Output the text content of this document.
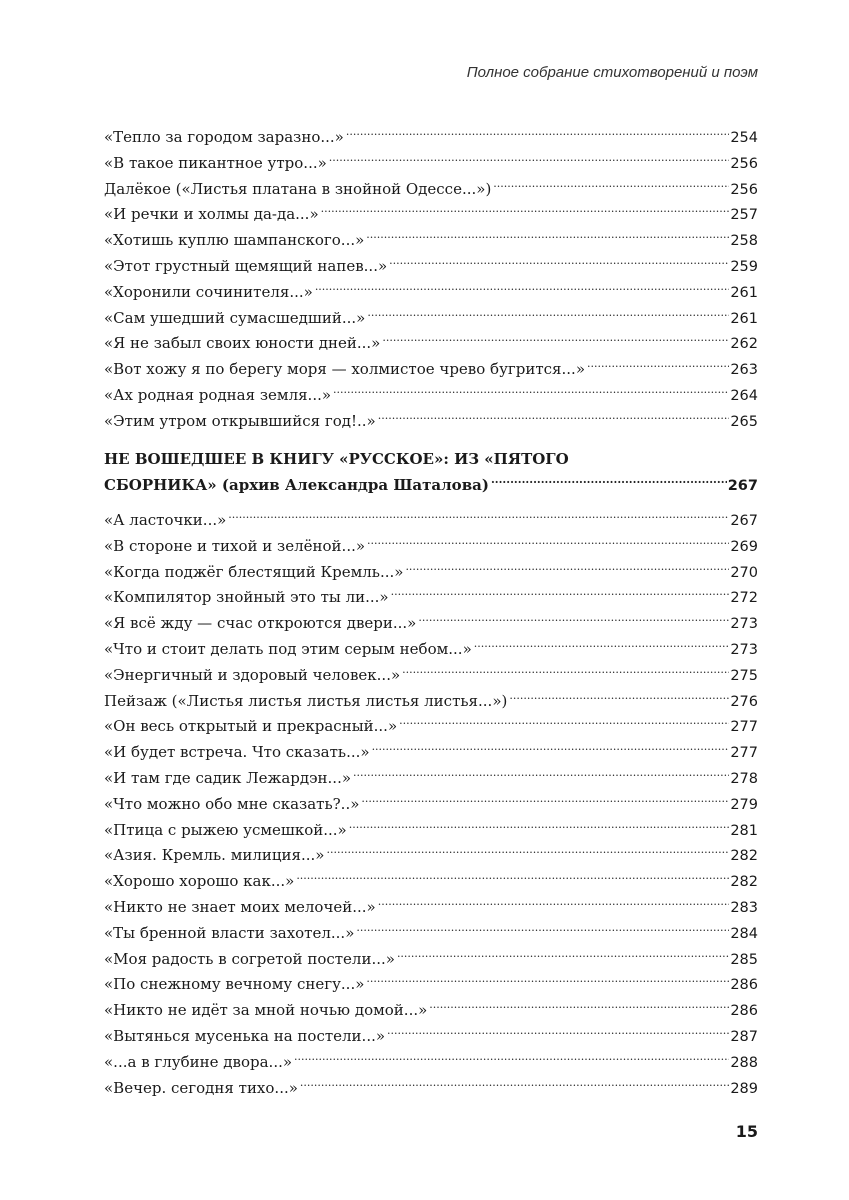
Полное собрание стихотворений и поэм
«Тепло за городом заразно...» .....	254
«В такое пикантное утро...» .....	256
Далёкое («Листья платана в знойной Одессе...») .....	256
«И речки и холмы да-да...» .....	257
«Хотишь куплю шампанского...» .....	258
«Этот грустный щемящий напев...» .....	259
«Хоронили сочинителя...» .....	261
«Сам ушедший сумасшедший...» .....	261
«Я не забыл своих юности дней...» .....	262
«Вот хожу я по берегу моря — холмистое чрево бугрится...» .....	263
«Ах родная родная земля...» .....	264
«Этим утром открывшийся год!..» .....	265
НЕ ВОШЕДШЕЕ В КНИГУ «РУССКОЕ»: ИЗ «ПЯТОГО
СБОРНИКА» (архив Александра Шаталова) .....	267
«А ласточки...» .....	267
«В стороне и тихой и зелёной...» .....	269
«Когда поджёг блестящий Кремль...» .....	270
«Компилятор знойный это ты ли...» .....	272
«Я всё жду — счас откроются двери...» .....	273
«Что и стоит делать под этим серым небом...» .....	273
«Энергичный и здоровый человек...» .....	275
Пейзаж («Листья листья листья листья листья...») .....	276
«Он весь открытый и прекрасный...» .....	277
«И будет встреча. Что сказать...» .....	277
«И там где садик Лежардэн...» .....	278
«Что можно обо мне сказать?..» .....	279
«Птица с рыжею усмешкой...» .....	281
«Азия. Кремль. милиция...» .....	282
«Хорошо хорошо как...» .....	282
«Никто не знает моих мелочей...» .....	283
«Ты бренной власти захотел...» .....	284
«Моя радость в согретой постели...» .....	285
«По снежному вечному снегу...» .....	286
«Никто не идёт за мной ночью домой...» .....	286
«Вытянься мусенька на постели...» .....	287
«...а в глубине двора...» .....	288
«Вечер. сегодня тихо...» .....	289
15
